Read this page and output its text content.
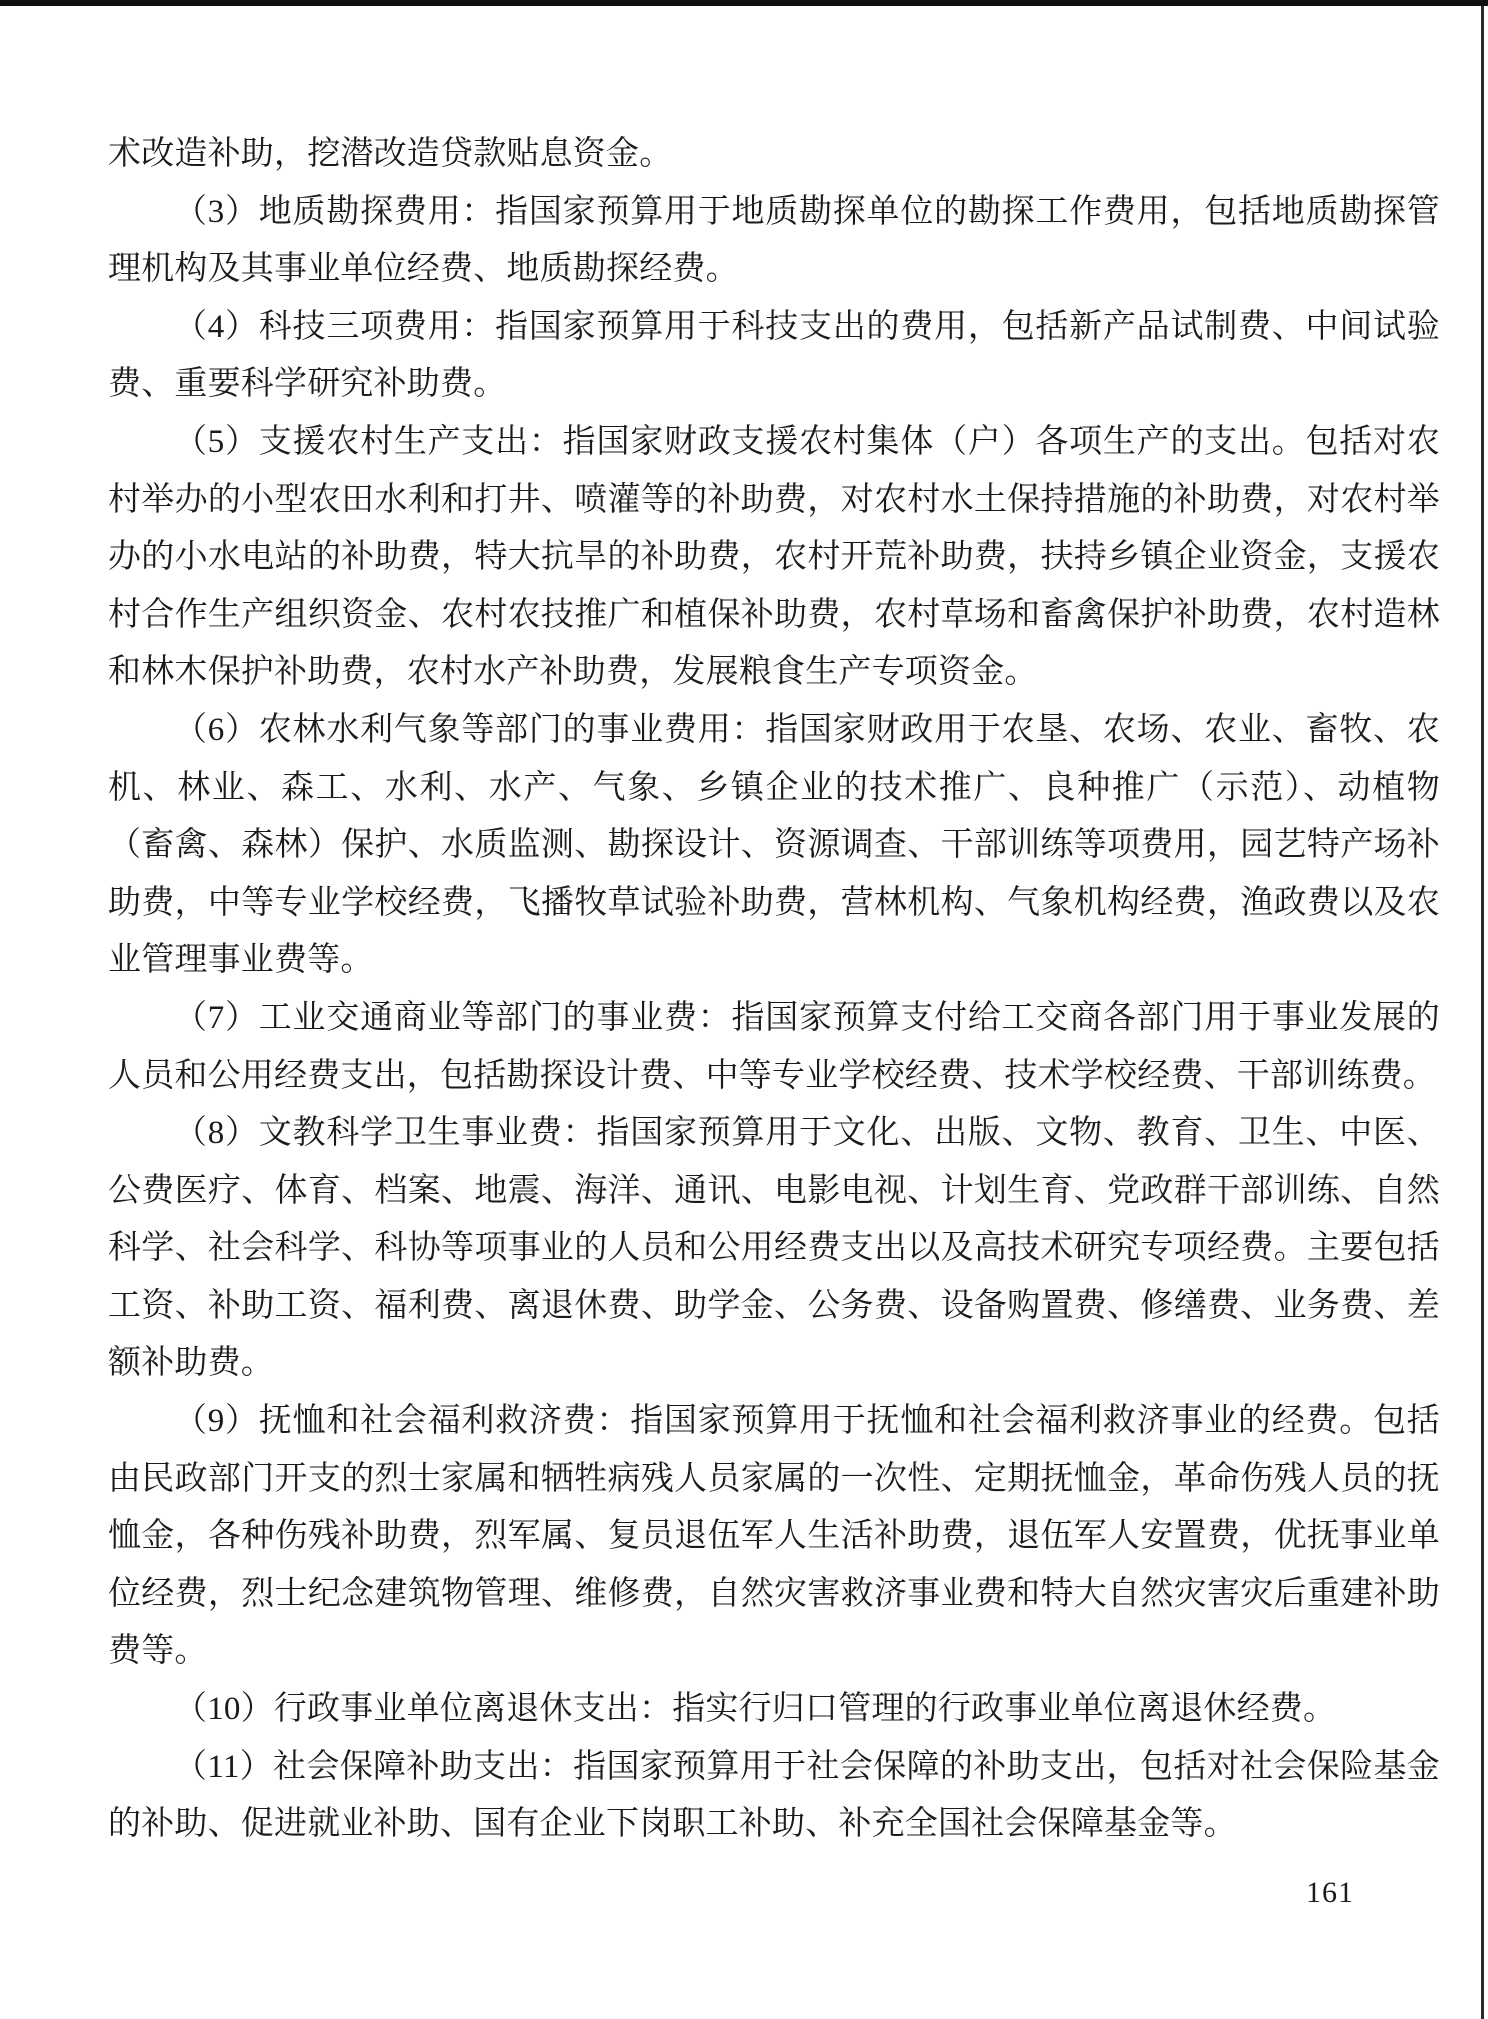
术改造补助，挖潜改造贷款贴息资金。

（3）地质勘探费用：指国家预算用于地质勘探单位的勘探工作费用，包括地质勘探管理机构及其事业单位经费、地质勘探经费。

（4）科技三项费用：指国家预算用于科技支出的费用，包括新产品试制费、中间试验费、重要科学研究补助费。

（5）支援农村生产支出：指国家财政支援农村集体（户）各项生产的支出。包括对农村举办的小型农田水利和打井、喷灌等的补助费，对农村水土保持措施的补助费，对农村举办的小水电站的补助费，特大抗旱的补助费，农村开荒补助费，扶持乡镇企业资金，支援农村合作生产组织资金、农村农技推广和植保补助费，农村草场和畜禽保护补助费，农村造林和林木保护补助费，农村水产补助费，发展粮食生产专项资金。

（6）农林水利气象等部门的事业费用：指国家财政用于农垦、农场、农业、畜牧、农机、林业、森工、水利、水产、气象、乡镇企业的技术推广、良种推广（示范）、动植物（畜禽、森林）保护、水质监测、勘探设计、资源调查、干部训练等项费用，园艺特产场补助费，中等专业学校经费，飞播牧草试验补助费，营林机构、气象机构经费，渔政费以及农业管理事业费等。

（7）工业交通商业等部门的事业费：指国家预算支付给工交商各部门用于事业发展的人员和公用经费支出，包括勘探设计费、中等专业学校经费、技术学校经费、干部训练费。

（8）文教科学卫生事业费：指国家预算用于文化、出版、文物、教育、卫生、中医、公费医疗、体育、档案、地震、海洋、通讯、电影电视、计划生育、党政群干部训练、自然科学、社会科学、科协等项事业的人员和公用经费支出以及高技术研究专项经费。主要包括工资、补助工资、福利费、离退休费、助学金、公务费、设备购置费、修缮费、业务费、差额补助费。

（9）抚恤和社会福利救济费：指国家预算用于抚恤和社会福利救济事业的经费。包括由民政部门开支的烈士家属和牺牲病残人员家属的一次性、定期抚恤金，革命伤残人员的抚恤金，各种伤残补助费，烈军属、复员退伍军人生活补助费，退伍军人安置费，优抚事业单位经费，烈士纪念建筑物管理、维修费，自然灾害救济事业费和特大自然灾害灾后重建补助费等。

（10）行政事业单位离退休支出：指实行归口管理的行政事业单位离退休经费。

（11）社会保障补助支出：指国家预算用于社会保障的补助支出，包括对社会保险基金的补助、促进就业补助、国有企业下岗职工补助、补充全国社会保障基金等。

161
